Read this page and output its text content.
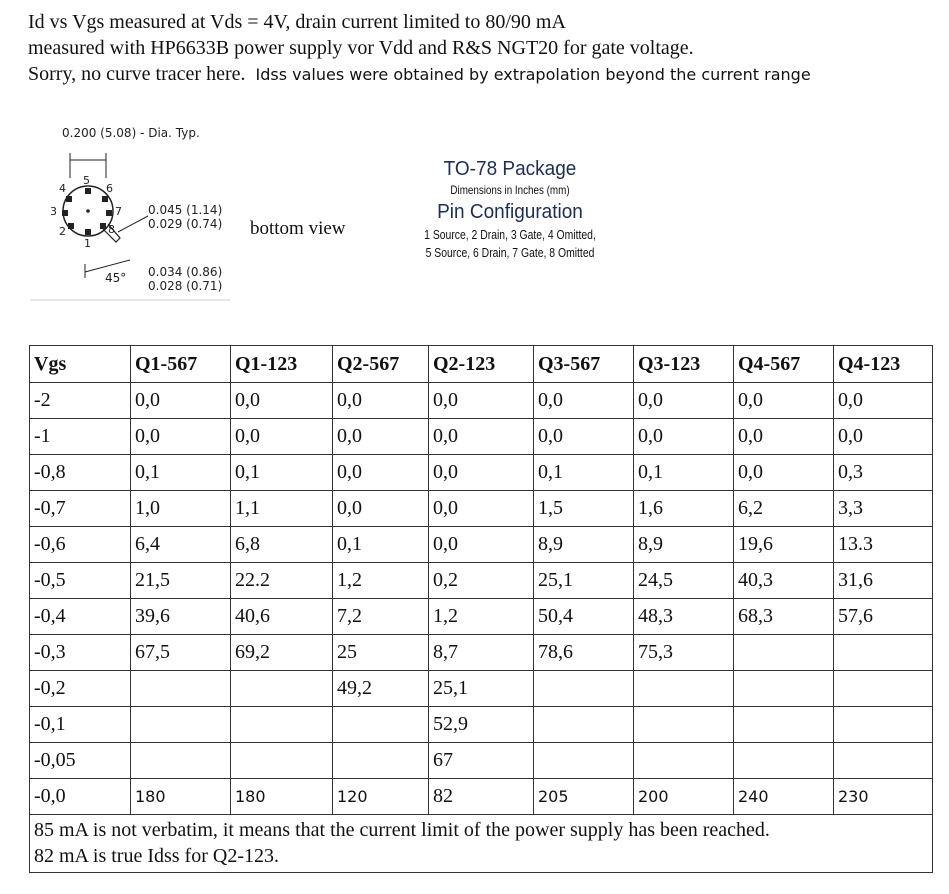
Id vs Vgs measured at Vds = 4V, drain current limited to 80/90 mA
measured with HP6633B power supply vor Vdd and R&S NGT20 for gate voltage.
Sorry, no curve tracer here. Idss values were obtained by extrapolation beyond the current range
0.200 (5.08) - Dia. Typ.
4
5
6
7
8
1
2
3	0.045 (1.14)
0.029 (0.74)
0.034 (0.86)
0.028 (0.71)
45°
bottom view
TO-78 Package
Dimensions in Inches (mm)
Pin Configuration
1 Source, 2 Drain, 3 Gate, 4 Omitted,
5 Source, 6 Drain, 7 Gate, 8 Omitted
Vgs	Q1-567	Q1-123	Q2-567	Q2-123	Q3-567	Q3-123	Q4-567	Q4-123
-2	0,0	0,0	0,0	0,0	0,0	0,0	0,0	0,0
-1	0,0	0,0	0,0	0,0	0,0	0,0	0,0	0,0
-0,8	0,1	0,1	0,0	0,0	0,1	0,1	0,0	0,3
-0,7	1,0	1,1	0,0	0,0	1,5	1,6	6,2	3,3
-0,6	6,4	6,8	0,1	0,0	8,9	8,9	19,6	13.3
-0,5	21,5	22.2	1,2	0,2	25,1	24,5	40,3	31,6
-0,4	39,6	40,6	7,2	1,2	50,4	48,3	68,3	57,6
-0,3	67,5	69,2	25	8,7	78,6	75,3		
-0,2			49,2	25,1				
-0,1				52,9				
-0,05				67				
-0,0	180	180	120	82	205	200	240	230

85 mA is not verbatim, it means that the current limit of the power supply has been reached.
82 mA is true Idss for Q2-123.								
